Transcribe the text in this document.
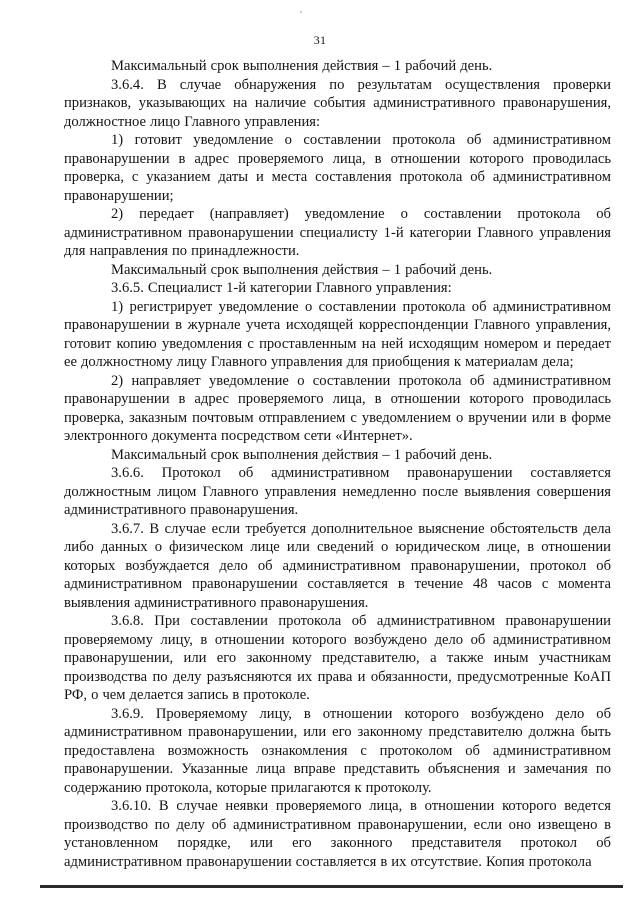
31

Максимальный срок выполнения действия – 1 рабочий день.

3.6.4. В случае обнаружения по результатам осуществления проверки признаков, указывающих на наличие события административного правонарушения, должностное лицо Главного управления:

1) готовит уведомление о составлении протокола об административном правонарушении в адрес проверяемого лица, в отношении которого проводилась проверка, с указанием даты и места составления протокола об административном правонарушении;

2) передает (направляет) уведомление о составлении протокола об административном правонарушении специалисту 1-й категории Главного управления для направления по принадлежности.

Максимальный срок выполнения действия – 1 рабочий день.

3.6.5. Специалист 1-й категории Главного управления:

1) регистрирует уведомление о составлении протокола об административном правонарушении в журнале учета исходящей корреспонденции Главного управления, готовит копию уведомления с проставленным на ней исходящим номером и передает ее должностному лицу Главного управления для приобщения к материалам дела;

2) направляет уведомление о составлении протокола об административном правонарушении в адрес проверяемого лица, в отношении которого проводилась проверка, заказным почтовым отправлением с уведомлением о вручении или в форме электронного документа посредством сети «Интернет».

Максимальный срок выполнения действия – 1 рабочий день.

3.6.6. Протокол об административном правонарушении составляется должностным лицом Главного управления немедленно после выявления совершения административного правонарушения.

3.6.7. В случае если требуется дополнительное выяснение обстоятельств дела либо данных о физическом лице или сведений о юридическом лице, в отношении которых возбуждается дело об административном правонарушении, протокол об административном правонарушении составляется в течение 48 часов с момента выявления административного правонарушения.

3.6.8. При составлении протокола об административном правонарушении проверяемому лицу, в отношении которого возбуждено дело об административном правонарушении, или его законному представителю, а также иным участникам производства по делу разъясняются их права и обязанности, предусмотренные КоАП РФ, о чем делается запись в протоколе.

3.6.9. Проверяемому лицу, в отношении которого возбуждено дело об административном правонарушении, или его законному представителю должна быть предоставлена возможность ознакомления с протоколом об административном правонарушении. Указанные лица вправе представить объяснения и замечания по содержанию протокола, которые прилагаются к протоколу.

3.6.10. В случае неявки проверяемого лица, в отношении которого ведется производство по делу об административном правонарушении, если оно извещено в установленном порядке, или его законного представителя протокол об административном правонарушении составляется в их отсутствие. Копия протокола
